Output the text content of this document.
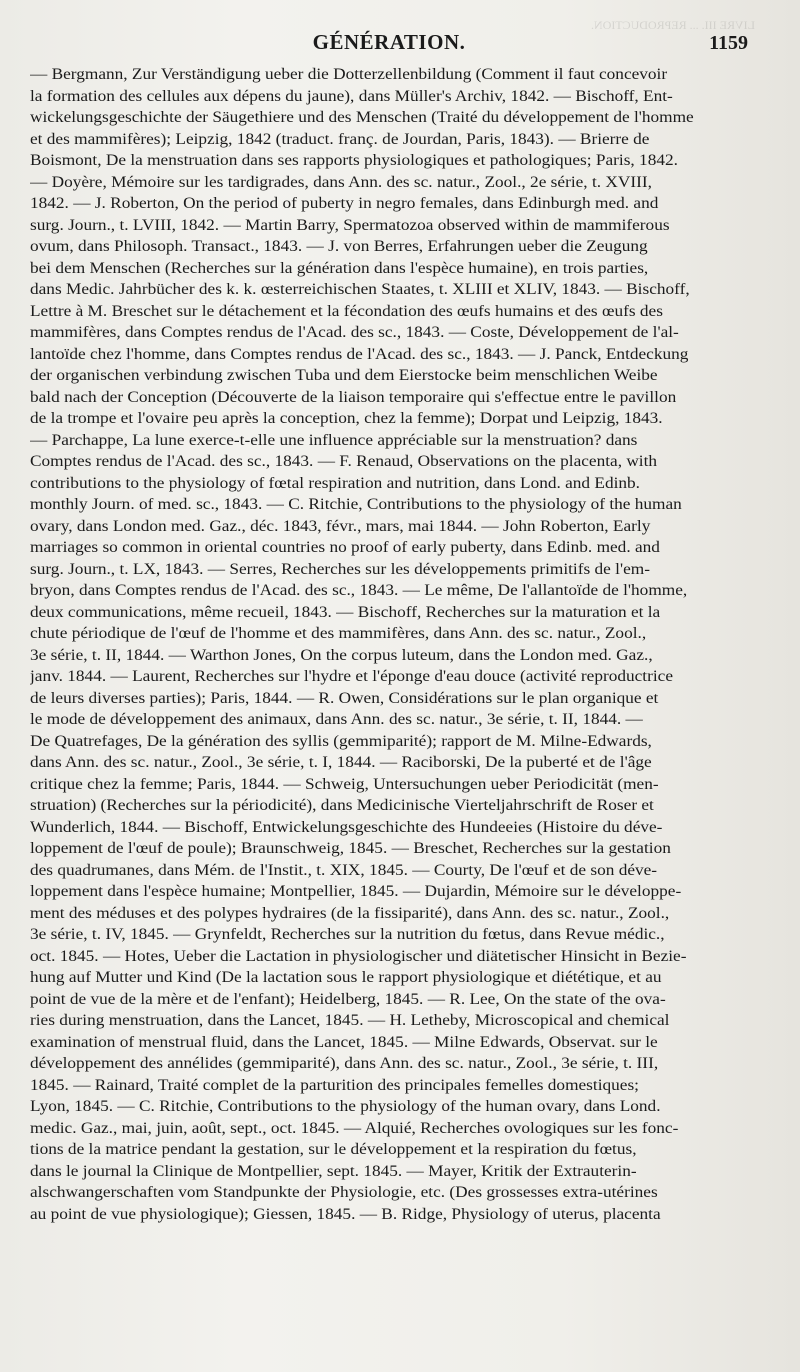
LIVRE III. ... REPRODUCTION.
GÉNÉRATION.	1159
— Bergmann, Zur Verständigung ueber die Dotterzellenbildung (Comment il faut concevoir
la formation des cellules aux dépens du jaune), dans Müller's Archiv, 1842. — Bischoff, Ent-
wickelungsgeschichte der Säugethiere und des Menschen (Traité du développement de l'homme
et des mammifères); Leipzig, 1842 (traduct. franç. de Jourdan, Paris, 1843). — Brierre de
Boismont, De la menstruation dans ses rapports physiologiques et pathologiques; Paris, 1842.
— Doyère, Mémoire sur les tardigrades, dans Ann. des sc. natur., Zool., 2e série, t. XVIII,
1842. — J. Roberton, On the period of puberty in negro females, dans Edinburgh med. and
surg. Journ., t. LVIII, 1842. — Martin Barry, Spermatozoa observed within de mammiferous
ovum, dans Philosoph. Transact., 1843. — J. von Berres, Erfahrungen ueber die Zeugung
bei dem Menschen (Recherches sur la génération dans l'espèce humaine), en trois parties,
dans Medic. Jahrbücher des k. k. œsterreichischen Staates, t. XLIII et XLIV, 1843. — Bischoff,
Lettre à M. Breschet sur le détachement et la fécondation des œufs humains et des œufs des
mammifères, dans Comptes rendus de l'Acad. des sc., 1843. — Coste, Développement de l'al-
lantoïde chez l'homme, dans Comptes rendus de l'Acad. des sc., 1843. — J. Panck, Entdeckung
der organischen verbindung zwischen Tuba und dem Eierstocke beim menschlichen Weibe
bald nach der Conception (Découverte de la liaison temporaire qui s'effectue entre le pavillon
de la trompe et l'ovaire peu après la conception, chez la femme); Dorpat und Leipzig, 1843.
— Parchappe, La lune exerce-t-elle une influence appréciable sur la menstruation? dans
Comptes rendus de l'Acad. des sc., 1843. — F. Renaud, Observations on the placenta, with
contributions to the physiology of fœtal respiration and nutrition, dans Lond. and Edinb.
monthly Journ. of med. sc., 1843. — C. Ritchie, Contributions to the physiology of the human
ovary, dans London med. Gaz., déc. 1843, févr., mars, mai 1844. — John Roberton, Early
marriages so common in oriental countries no proof of early puberty, dans Edinb. med. and
surg. Journ., t. LX, 1843. — Serres, Recherches sur les développements primitifs de l'em-
bryon, dans Comptes rendus de l'Acad. des sc., 1843. — Le même, De l'allantoïde de l'homme,
deux communications, même recueil, 1843. — Bischoff, Recherches sur la maturation et la
chute périodique de l'œuf de l'homme et des mammifères, dans Ann. des sc. natur., Zool.,
3e série, t. II, 1844. — Warthon Jones, On the corpus luteum, dans the London med. Gaz.,
janv. 1844. — Laurent, Recherches sur l'hydre et l'éponge d'eau douce (activité reproductrice
de leurs diverses parties); Paris, 1844. — R. Owen, Considérations sur le plan organique et
le mode de développement des animaux, dans Ann. des sc. natur., 3e série, t. II, 1844. —
De Quatrefages, De la génération des syllis (gemmiparité); rapport de M. Milne-Edwards,
dans Ann. des sc. natur., Zool., 3e série, t. I, 1844. — Raciborski, De la puberté et de l'âge
critique chez la femme; Paris, 1844. — Schweig, Untersuchungen ueber Periodicität (men-
struation) (Recherches sur la périodicité), dans Medicinische Vierteljahrschrift de Roser et
Wunderlich, 1844. — Bischoff, Entwickelungsgeschichte des Hundeeies (Histoire du déve-
loppement de l'œuf de poule); Braunschweig, 1845. — Breschet, Recherches sur la gestation
des quadrumanes, dans Mém. de l'Instit., t. XIX, 1845. — Courty, De l'œuf et de son déve-
loppement dans l'espèce humaine; Montpellier, 1845. — Dujardin, Mémoire sur le développe-
ment des méduses et des polypes hydraires (de la fissiparité), dans Ann. des sc. natur., Zool.,
3e série, t. IV, 1845. — Grynfeldt, Recherches sur la nutrition du fœtus, dans Revue médic.,
oct. 1845. — Hotes, Ueber die Lactation in physiologischer und diätetischer Hinsicht in Bezie-
hung auf Mutter und Kind (De la lactation sous le rapport physiologique et diététique, et au
point de vue de la mère et de l'enfant); Heidelberg, 1845. — R. Lee, On the state of the ova-
ries during menstruation, dans the Lancet, 1845. — H. Letheby, Microscopical and chemical
examination of menstrual fluid, dans the Lancet, 1845. — Milne Edwards, Observat. sur le
développement des annélides (gemmiparité), dans Ann. des sc. natur., Zool., 3e série, t. III,
1845. — Rainard, Traité complet de la parturition des principales femelles domestiques;
Lyon, 1845. — C. Ritchie, Contributions to the physiology of the human ovary, dans Lond.
medic. Gaz., mai, juin, août, sept., oct. 1845. — Alquié, Recherches ovologiques sur les fonc-
tions de la matrice pendant la gestation, sur le développement et la respiration du fœtus,
dans le journal la Clinique de Montpellier, sept. 1845. — Mayer, Kritik der Extrauterin-
alschwangerschaften vom Standpunkte der Physiologie, etc. (Des grossesses extra-utérines
au point de vue physiologique); Giessen, 1845. — B. Ridge, Physiology of uterus, placenta
